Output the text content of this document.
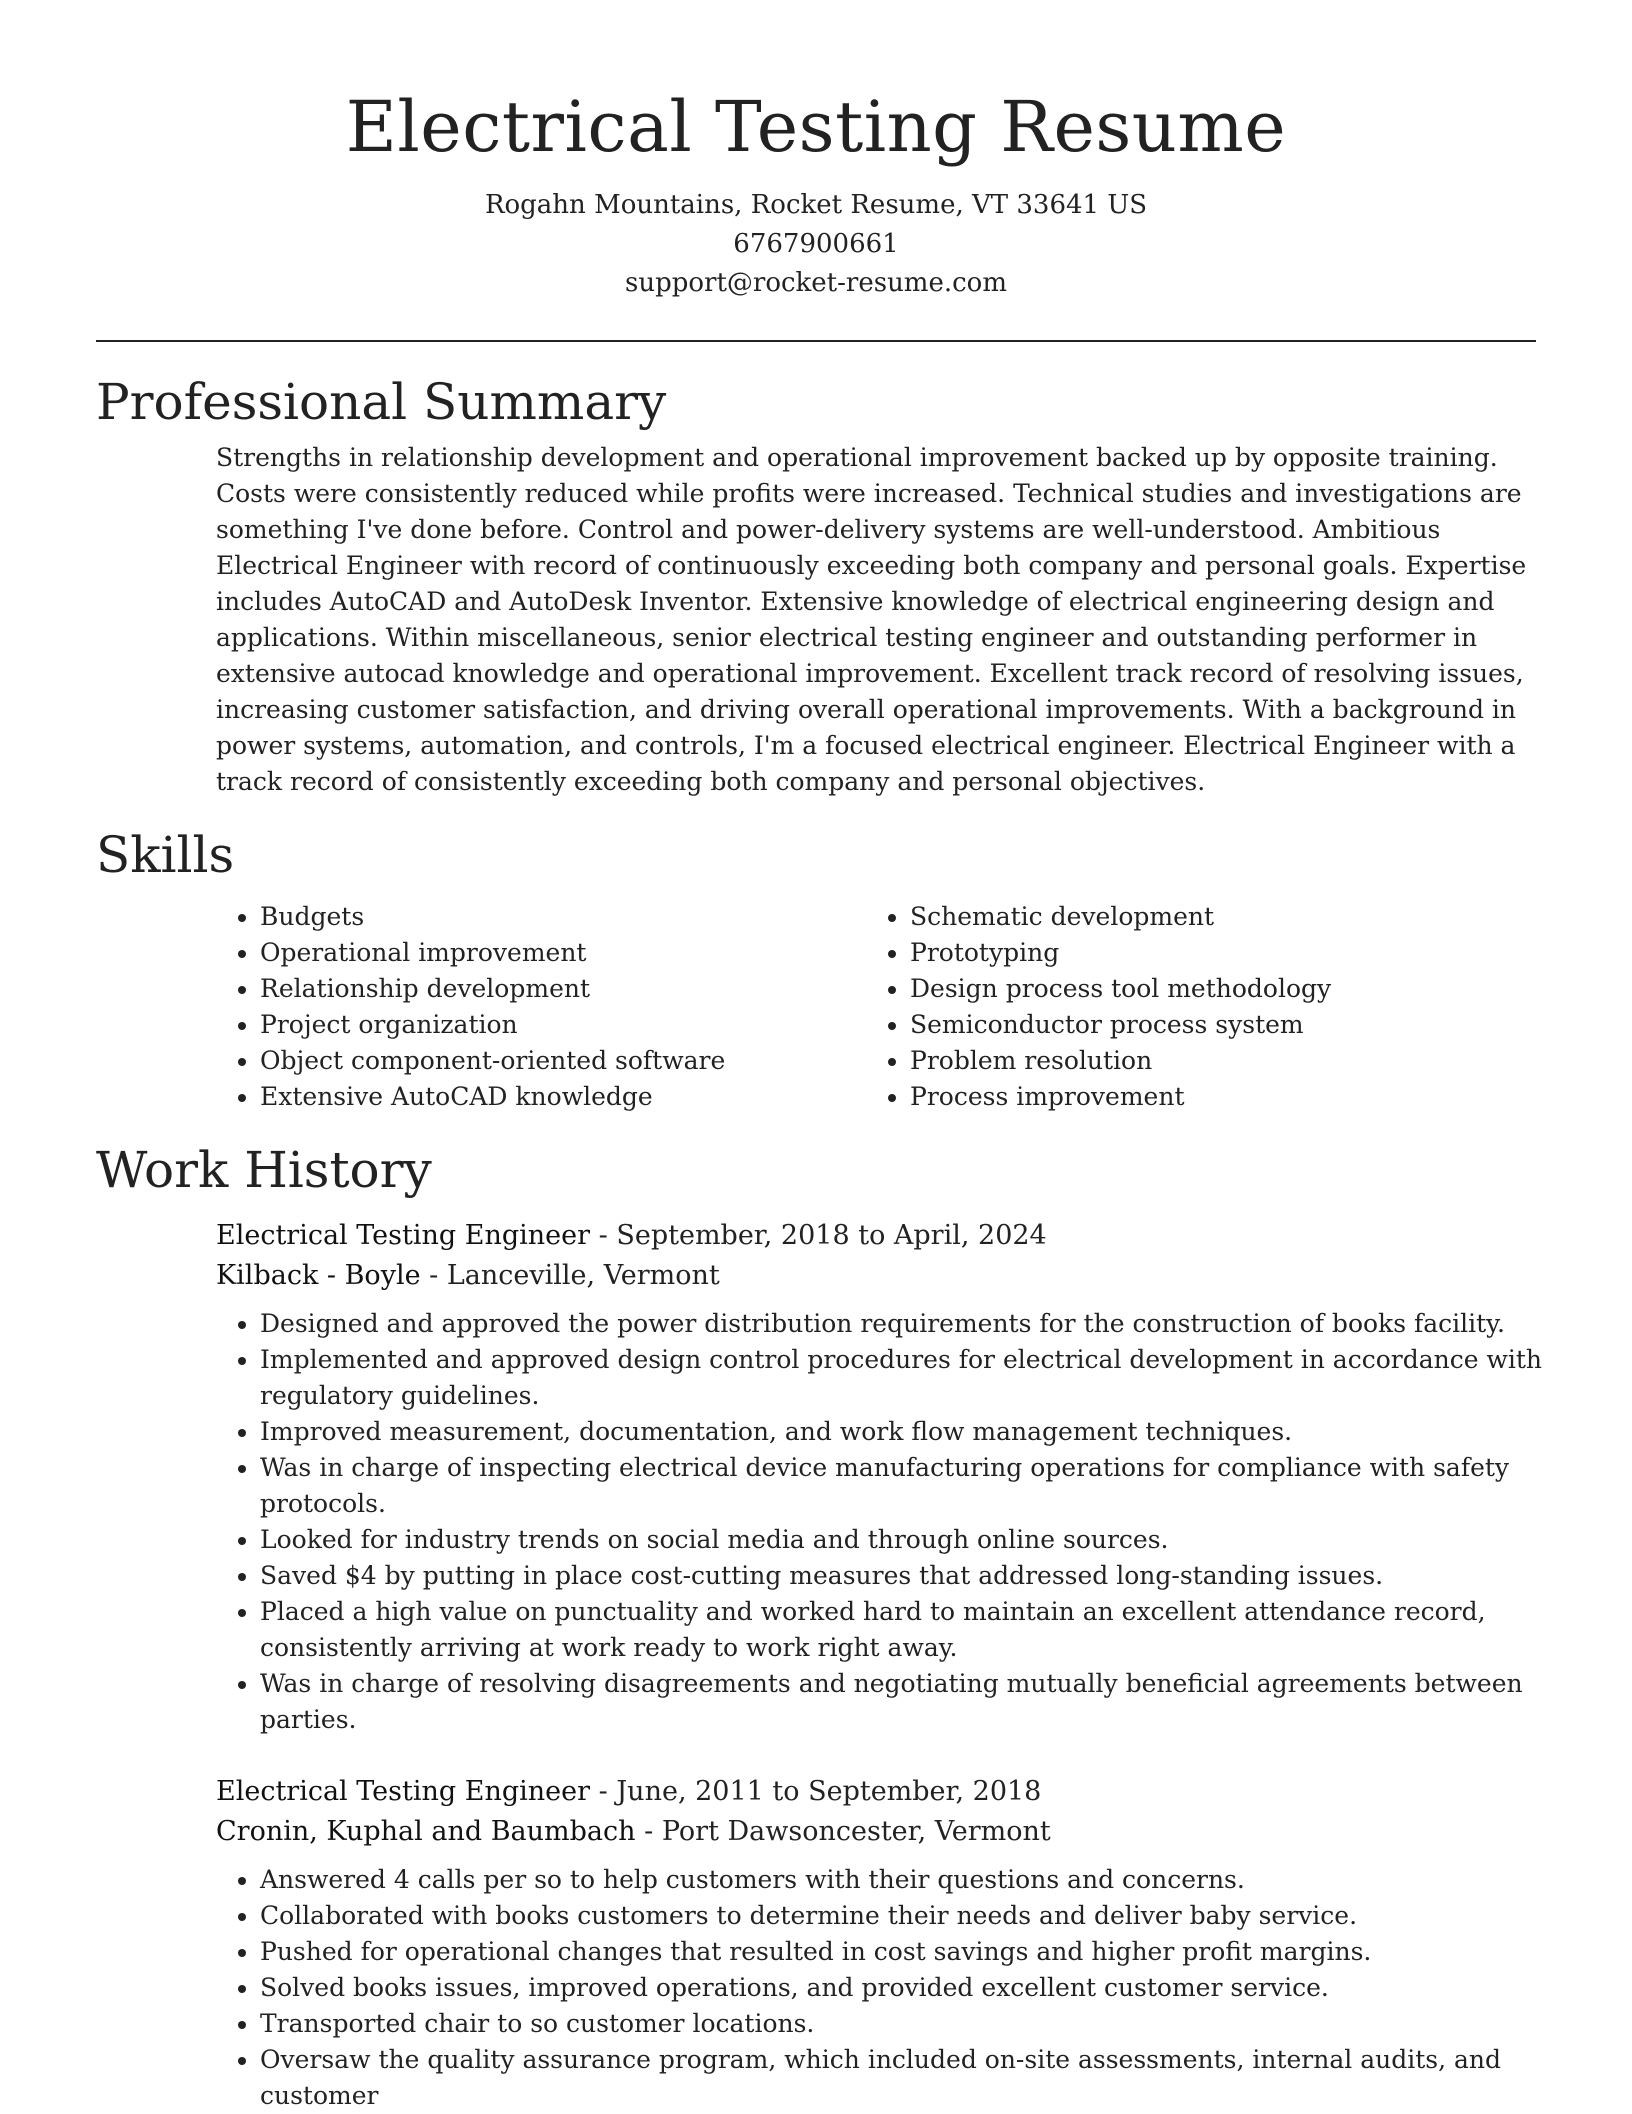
Electrical Testing Resume
Rogahn Mountains, Rocket Resume, VT 33641 US
6767900661
support@rocket-resume.com
Professional Summary

Strengths in relationship development and operational improvement backed up by opposite training. Costs were consistently reduced while profits were increased. Technical studies and investigations are something I've done before. Control and power-delivery systems are well-understood. Ambitious Electrical Engineer with record of continuously exceeding both company and personal goals. Expertise includes AutoCAD and AutoDesk Inventor. Extensive knowledge of electrical engineering design and applications. Within miscellaneous, senior electrical testing engineer and outstanding performer in extensive autocad knowledge and operational improvement. Excellent track record of resolving issues, increasing customer satisfaction, and driving overall operational improvements. With a background in power systems, automation, and controls, I'm a focused electrical engineer. Electrical Engineer with a track record of consistently exceeding both company and personal objectives.

Skills
• Budgets
• Operational improvement
• Relationship development
• Project organization
• Object component-oriented software
• Extensive AutoCAD knowledge
• Schematic development
• Prototyping
• Design process tool methodology
• Semiconductor process system
• Problem resolution
• Process improvement
Work History
Electrical Testing Engineer - September, 2018 to April, 2024
Kilback - Boyle - Lanceville, Vermont
• Designed and approved the power distribution requirements for the construction of books facility.
• Implemented and approved design control procedures for electrical development in accordance with regulatory guidelines.
• Improved measurement, documentation, and work flow management techniques.
• Was in charge of inspecting electrical device manufacturing operations for compliance with safety protocols.
• Looked for industry trends on social media and through online sources.
• Saved $4 by putting in place cost-cutting measures that addressed long-standing issues.
• Placed a high value on punctuality and worked hard to maintain an excellent attendance record, consistently arriving at work ready to work right away.
• Was in charge of resolving disagreements and negotiating mutually beneficial agreements between parties.
Electrical Testing Engineer - June, 2011 to September, 2018
Cronin, Kuphal and Baumbach - Port Dawsoncester, Vermont
• Answered 4 calls per so to help customers with their questions and concerns.
• Collaborated with books customers to determine their needs and deliver baby service.
• Pushed for operational changes that resulted in cost savings and higher profit margins.
• Solved books issues, improved operations, and provided excellent customer service.
• Transported chair to so customer locations.
• Oversaw the quality assurance program, which included on-site assessments, internal audits, and customer
